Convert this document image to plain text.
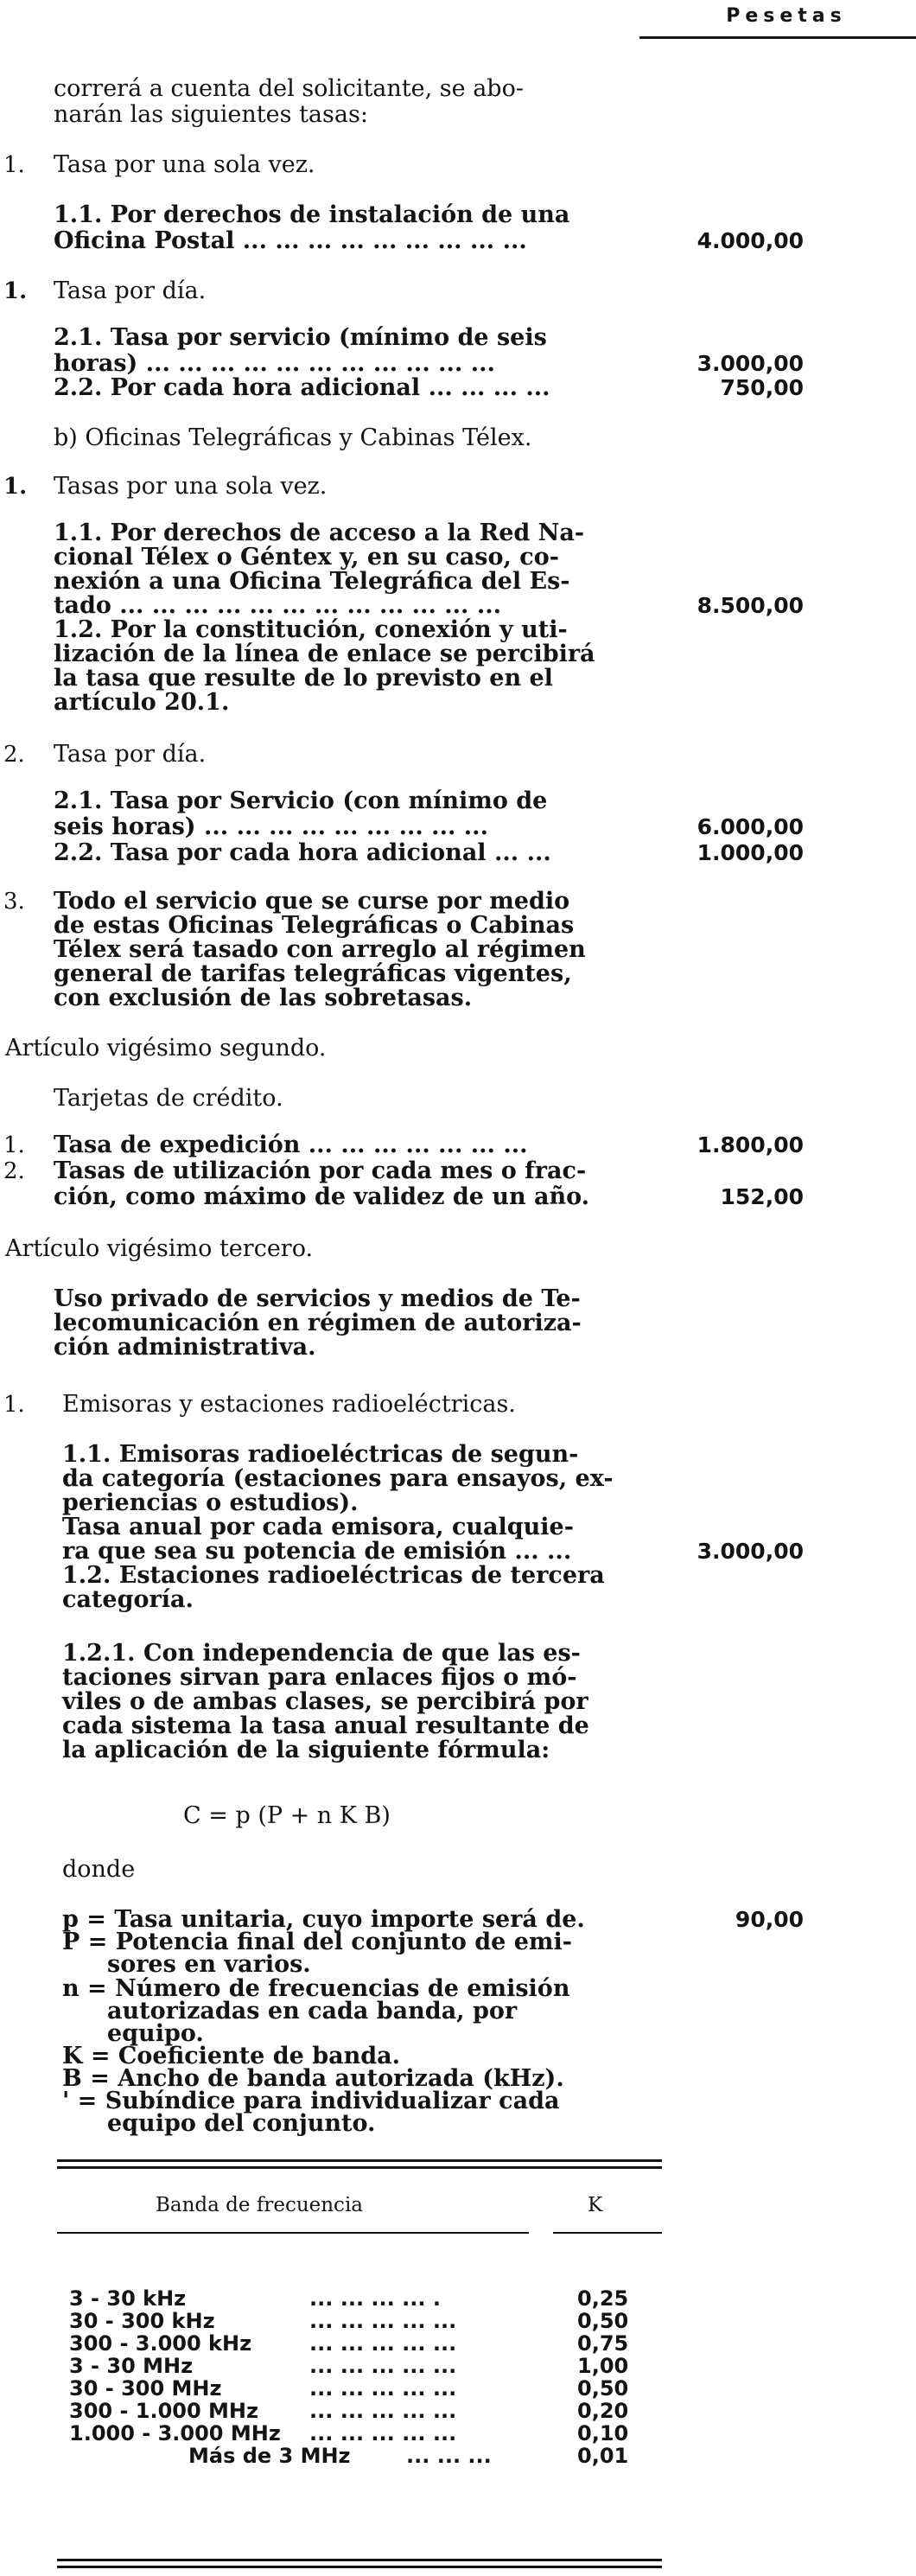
Pesetas
correrá a cuenta del solicitante, se abo-
narán las siguientes tasas:
1. Tasa por una sola vez.
1.1. Por derechos de instalación de una
Oficina Postal ... ... ... ... ... ... ... ... ...	4.000,00
1. Tasa por día.
2.1. Tasa por servicio (mínimo de seis
horas) ... ... ... ... ... ... ... ... ... ... ...	3.000,00
2.2. Por cada hora adicional ... ... ... ...	750,00
b) Oficinas Telegráficas y Cabinas Télex.
1. Tasas por una sola vez.
1.1. Por derechos de acceso a la Red Na-
cional Télex o Géntex y, en su caso, co-
nexión a una Oficina Telegráfica del Es-
tado ... ... ... ... ... ... ... ... ... ... ... ...	8.500,00
1.2. Por la constitución, conexión y uti-
lización de la línea de enlace se percibirá
la tasa que resulte de lo previsto en el
artículo 20.1.
2. Tasa por día.
2.1. Tasa por Servicio (con mínimo de
seis horas) ... ... ... ... ... ... ... ... ...	6.000,00
2.2. Tasa por cada hora adicional ... ...	1.000,00
3. Todo el servicio que se curse por medio
de estas Oficinas Telegráficas o Cabinas
Télex será tasado con arreglo al régimen
general de tarifas telegráficas vigentes,
con exclusión de las sobretasas.
Artículo vigésimo segundo.
Tarjetas de crédito.
1. Tasa de expedición ... ... ... ... ... ... ...	1.800,00
2. Tasas de utilización por cada mes o frac-
ción, como máximo de validez de un año.	152,00
Artículo vigésimo tercero.
Uso privado de servicios y medios de Te-
lecomunicación en régimen de autoriza-
ción administrativa.
1. Emisoras y estaciones radioeléctricas.
1.1. Emisoras radioeléctricas de segun-
da categoría (estaciones para ensayos, ex-
periencias o estudios).
Tasa anual por cada emisora, cualquie-
ra que sea su potencia de emisión ... ...	3.000,00
1.2. Estaciones radioeléctricas de tercera
categoría.
1.2.1. Con independencia de que las es-
taciones sirvan para enlaces fijos o mó-
viles o de ambas clases, se percibirá por
cada sistema la tasa anual resultante de
la aplicación de la siguiente fórmula:
C = p (P + n K B)
donde
p = Tasa unitaria, cuyo importe será de.	90,00
P = Potencia final del conjunto de emi-
sores en varios.
n = Número de frecuencias de emisión
autorizadas en cada banda, por
equipo.
K = Coeficiente de banda.
B = Ancho de banda autorizada (kHz).
' = Subíndice para individualizar cada
equipo del conjunto.
Banda de frecuencia	K
3 - 30 kHz	... ... ... ... .	0,25
30 - 300 kHz	... ... ... ... ...	0,50
300 - 3.000 kHz	... ... ... ... ...	0,75
3 - 30 MHz	... ... ... ... ...	1,00
30 - 300 MHz	... ... ... ... ...	0,50
300 - 1.000 MHz ... ... ... ... ...	0,20
1.000 - 3.000 MHz ... ... ... ... ...	0,10
Más de 3 MHz	... ... ...	0,01
